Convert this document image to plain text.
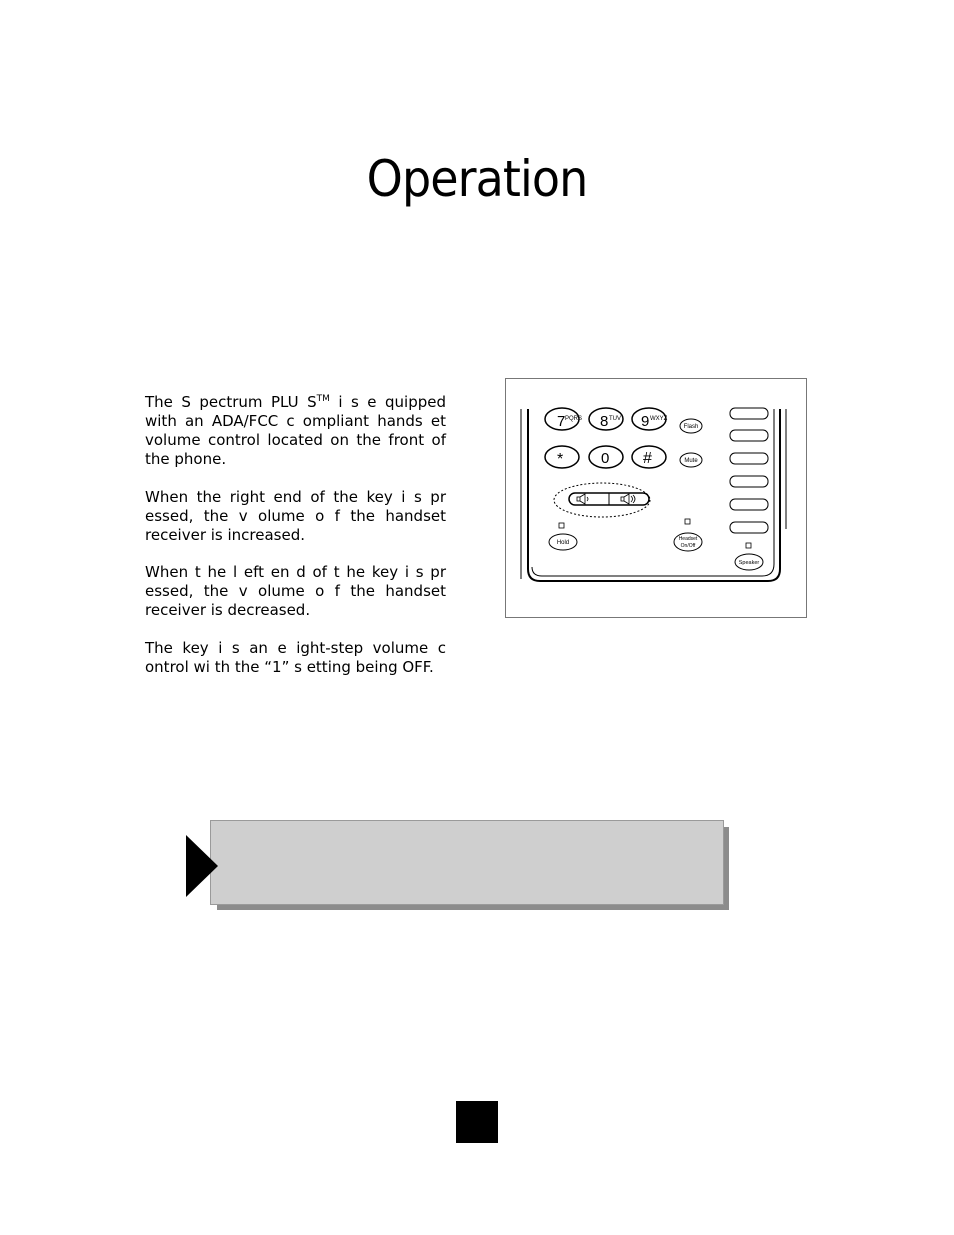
Operation

The S pectrum PLU S™ i s e quipped with an ADA/FCC c ompliant hands et volume control located on the front of the phone.

When the right end of the key i s pr essed, the v olume o f the handset receiver is increased.

When t he l eft en d of t he key i s pr essed, the v olume o f the handset receiver is decreased.

The key i s an e ight-step volume c ontrol wi th the “1” s etting being OFF.

7 PQRS 8 TUV 9 WXYZ
*	0 #
Flash
Mute
Hold
Headset
On/Off
Speaker
